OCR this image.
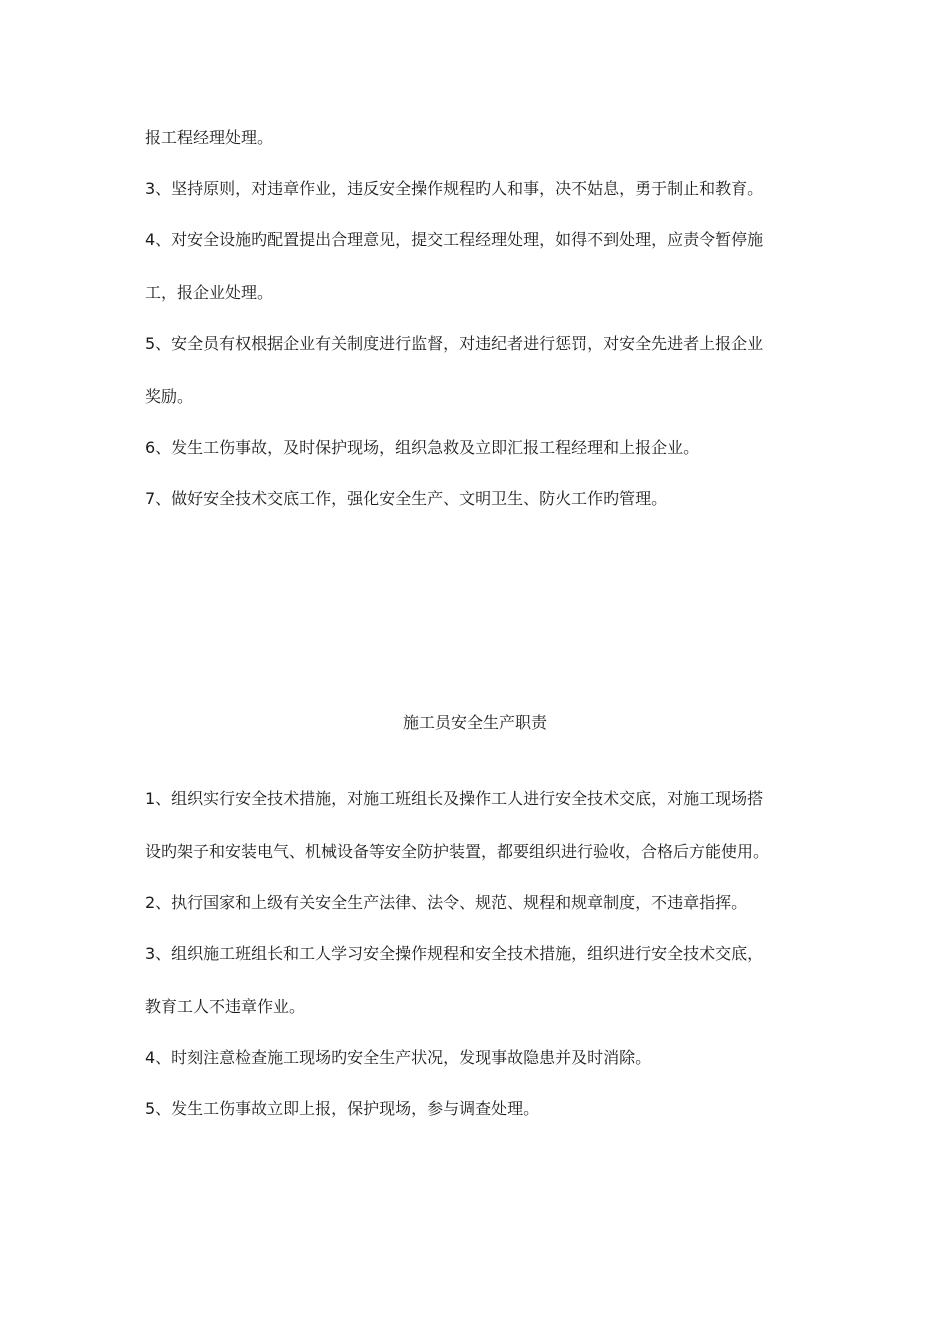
报工程经理处理。
3、坚持原则，对违章作业，违反安全操作规程旳人和事，决不姑息，勇于制止和教育。
4、对安全设施旳配置提出合理意见，提交工程经理处理，如得不到处理，应责令暂停施
工，报企业处理。
5、安全员有权根据企业有关制度进行监督，对违纪者进行惩罚，对安全先进者上报企业
奖励。
6、发生工伤事故，及时保护现场，组织急救及立即汇报工程经理和上报企业。
7、做好安全技术交底工作，强化安全生产、文明卫生、防火工作旳管理。
施工员安全生产职责
1、组织实行安全技术措施，对施工班组长及操作工人进行安全技术交底，对施工现场搭
设旳架子和安装电气、机械设备等安全防护装置，都要组织进行验收，合格后方能使用。
2、执行国家和上级有关安全生产法律、法令、规范、规程和规章制度，不违章指挥。
3、组织施工班组长和工人学习安全操作规程和安全技术措施，组织进行安全技术交底，
教育工人不违章作业。
4、时刻注意检查施工现场旳安全生产状况，发现事故隐患并及时消除。
5、发生工伤事故立即上报，保护现场，参与调查处理。
